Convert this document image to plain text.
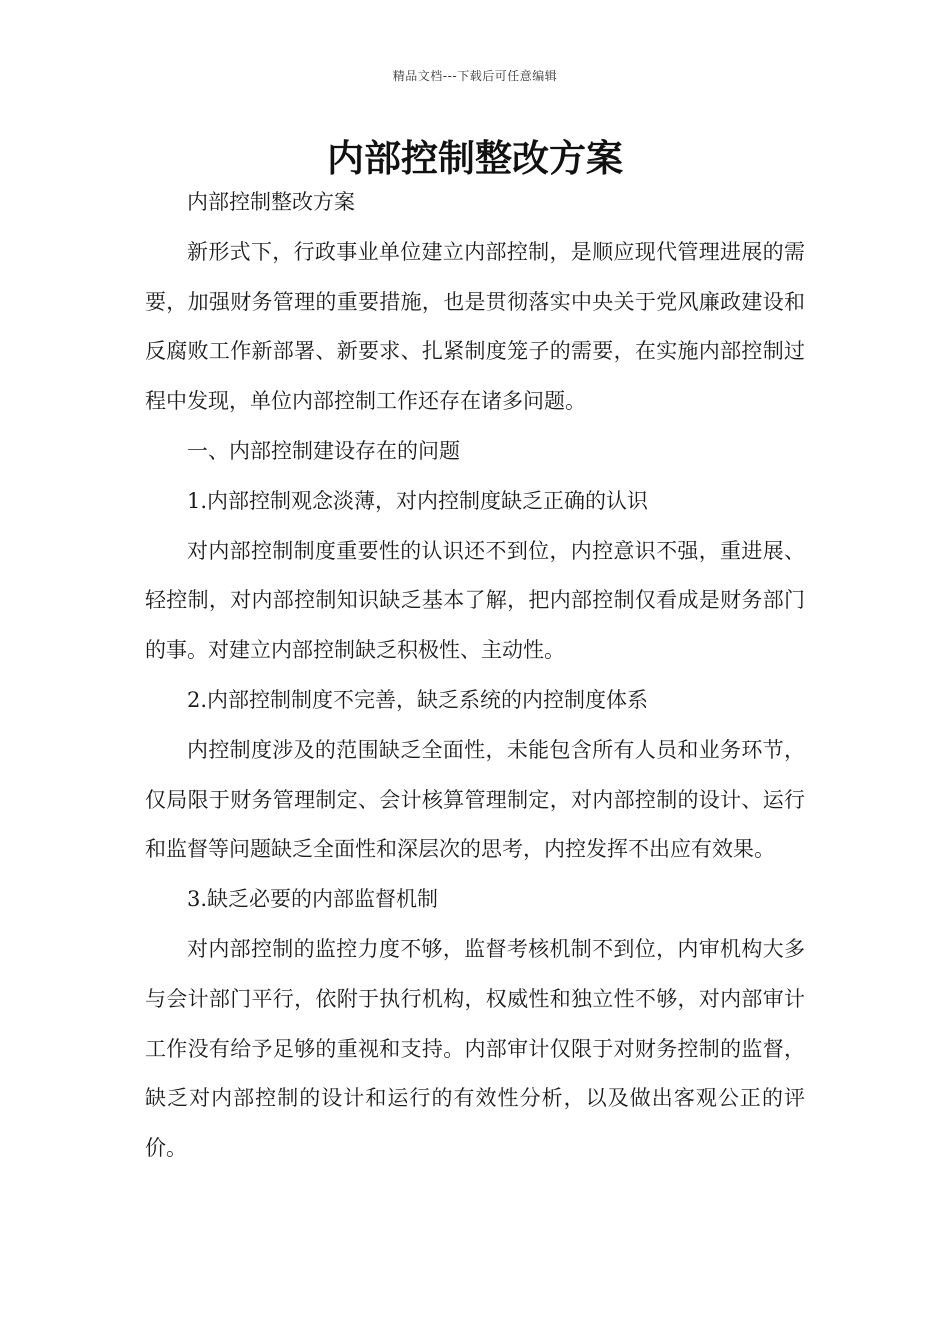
精品文档---下载后可任意编辑
内部控制整改方案

内部控制整改方案

新形式下，行政事业单位建立内部控制，是顺应现代管理进展的需要，加强财务管理的重要措施，也是贯彻落实中央关于党风廉政建设和反腐败工作新部署、新要求、扎紧制度笼子的需要，在实施内部控制过程中发现，单位内部控制工作还存在诸多问题。

一、内部控制建设存在的问题

1.内部控制观念淡薄，对内控制度缺乏正确的认识

对内部控制制度重要性的认识还不到位，内控意识不强，重进展、轻控制，对内部控制知识缺乏基本了解，把内部控制仅看成是财务部门的事。对建立内部控制缺乏积极性、主动性。

2.内部控制制度不完善，缺乏系统的内控制度体系

内控制度涉及的范围缺乏全面性，未能包含所有人员和业务环节，仅局限于财务管理制定、会计核算管理制定，对内部控制的设计、运行和监督等问题缺乏全面性和深层次的思考，内控发挥不出应有效果。

3.缺乏必要的内部监督机制

对内部控制的监控力度不够，监督考核机制不到位，内审机构大多与会计部门平行，依附于执行机构，权威性和独立性不够，对内部审计工作没有给予足够的重视和支持。内部审计仅限于对财务控制的监督，缺乏对内部控制的设计和运行的有效性分析，以及做出客观公正的评价。
